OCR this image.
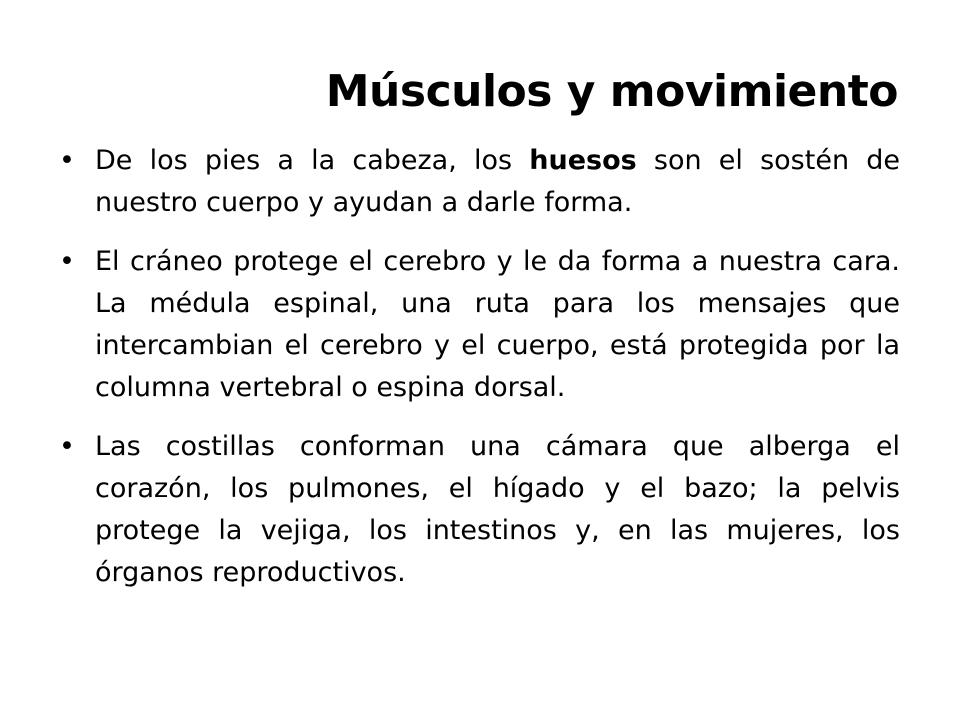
Músculos y movimiento
• De los pies a la cabeza, los huesos son el sostén de nuestro cuerpo y ayudan a darle forma.
• El cráneo protege el cerebro y le da forma a nuestra cara. La médula espinal, una ruta para los mensajes que intercambian el cerebro y el cuerpo, está protegida por la columna vertebral o espina dorsal.
• Las costillas conforman una cámara que alberga el corazón, los pulmones, el hígado y el bazo; la pelvis protege la vejiga, los intestinos y, en las mujeres, los órganos reproductivos.
